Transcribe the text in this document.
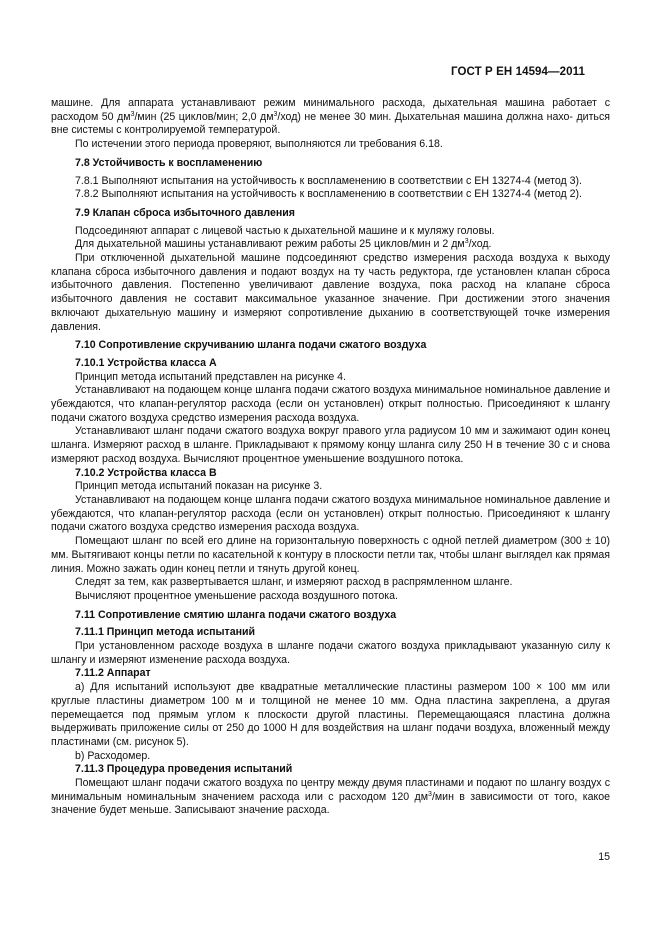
ГОСТ Р ЕН 14594—2011

машине. Для аппарата устанавливают режим минимального расхода, дыхательная машина работает с расходом 50 $дм^3$/мин (25 циклов/мин; 2,0 $дм^3/ход$) не менее 30 мин. Дыхательная машина должна нахо- диться вне системы с контролируемой температурой.

По истечении этого периода проверяют, выполняются ли требования 6.18.

7.8 Устойчивость к воспламенению

7.8.1 Выполняют испытания на устойчивость к воспламенению в соответствии с ЕН 13274-4 (метод 3).

7.8.2 Выполняют испытания на устойчивость к воспламенению в соответствии с ЕН 13274-4 (метод 2).

7.9 Клапан сброса избыточного давления

Подсоединяют аппарат с лицевой частью к дыхательной машине и к муляжу головы.

Для дыхательной машины устанавливают режим работы 25 циклов/мин и 2 $дм^3$/ход.

При отключенной дыхательной машине подсоединяют средство измерения расхода воздуха к выходу клапана сброса избыточного давления и подают воздух на ту часть редуктора, где установлен клапан сброса избыточного давления. Постепенно увеличивают давление воздуха, пока расход на клапане сброса избыточного давления не составит максимальное указанное значение. При достижении этого значения включают дыхательную машину и измеряют сопротивление дыханию в соответствующей точке измерения давления.

7.10 Сопротивление скручиванию шланга подачи сжатого воздуха

7.10.1 Устройства класса А

Принцип метода испытаний представлен на рисунке 4.

Устанавливают на подающем конце шланга подачи сжатого воздуха минимальное номинальное давление и убеждаются, что клапан-регулятор расхода (если он установлен) открыт полностью. Присоединяют к шлангу подачи сжатого воздуха средство измерения расхода воздуха.

Устанавливают шланг подачи сжатого воздуха вокруг правого угла радиусом 10 мм и зажимают один конец шланга. Измеряют расход в шланге. Прикладывают к прямому концу шланга силу 250 Н в течение 30 с и снова измеряют расход воздуха. Вычисляют процентное уменьшение воздушного потока.

7.10.2 Устройства класса В

Принцип метода испытаний показан на рисунке 3.

Устанавливают на подающем конце шланга подачи сжатого воздуха минимальное номинальное давление и убеждаются, что клапан-регулятор расхода (если он установлен) открыт полностью. Присоединяют к шлангу подачи сжатого воздуха средство измерения расхода воздуха.

Помещают шланг по всей его длине на горизонтальную поверхность с одной петлей диаметром (300 ± 10) мм. Вытягивают концы петли по касательной к контуру в плоскости петли так, чтобы шланг выглядел как прямая линия. Можно зажать один конец петли и тянуть другой конец.

Следят за тем, как развертывается шланг, и измеряют расход в распрямленном шланге.

Вычисляют процентное уменьшение расхода воздушного потока.

7.11 Сопротивление смятию шланга подачи сжатого воздуха

7.11.1 Принцип метода испытаний

При установленном расходе воздуха в шланге подачи сжатого воздуха прикладывают указанную силу к шлангу и измеряют изменение расхода воздуха.

7.11.2 Аппарат

а) Для испытаний используют две квадратные металлические пластины размером 100 × 100 мм или круглые пластины диаметром 100 м и толщиной не менее 10 мм. Одна пластина закреплена, а другая перемещается под прямым углом к плоскости другой пластины. Перемещающаяся пластина должна выдерживать приложение силы от 250 до 1000 Н для воздействия на шланг подачи воздуха, вложенный между пластинами (см. рисунок 5).

b) Расходомер.

7.11.3 Процедура проведения испытаний

Помещают шланг подачи сжатого воздуха по центру между двумя пластинами и подают по шлангу воздух с минимальным номинальным значением расхода или с расходом 120 $дм^3$/мин в зависимости от того, какое значение будет меньше. Записывают значение расхода.

15
